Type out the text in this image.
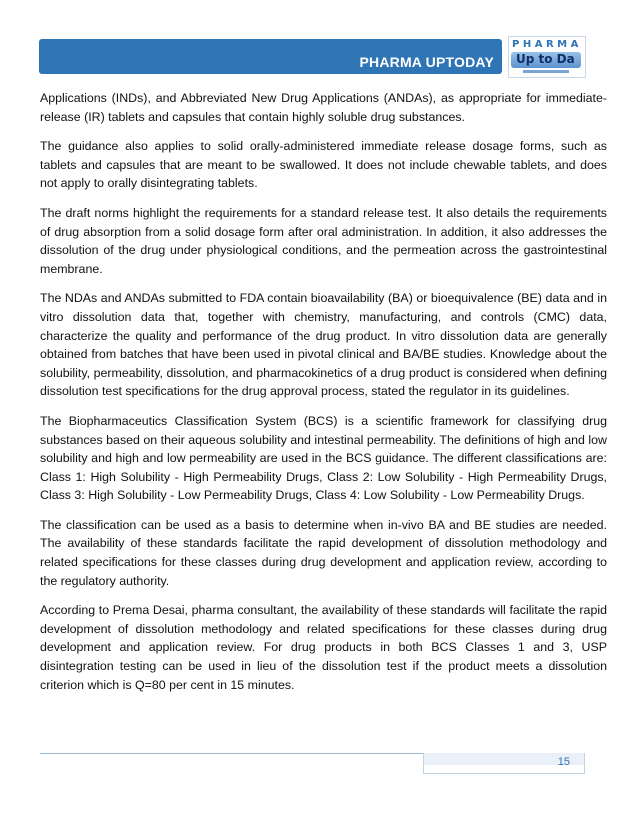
PHARMA UPTODAY
PHARMA
Up to Da

Applications (INDs), and Abbreviated New Drug Applications (ANDAs), as appropriate for immediate-release (IR) tablets and capsules that contain highly soluble drug substances.

The guidance also applies to solid orally-administered immediate release dosage forms, such as tablets and capsules that are meant to be swallowed. It does not include chewable tablets, and does not apply to orally disintegrating tablets.

The draft norms highlight the requirements for a standard release test. It also details the requirements of drug absorption from a solid dosage form after oral administration. In addition, it also addresses the dissolution of the drug under physiological conditions, and the permeation across the gastrointestinal membrane.

The NDAs and ANDAs submitted to FDA contain bioavailability (BA) or bioequivalence (BE) data and in vitro dissolution data that, together with chemistry, manufacturing, and controls (CMC) data, characterize the quality and performance of the drug product. In vitro dissolution data are generally obtained from batches that have been used in pivotal clinical and BA/BE studies. Knowledge about the solubility, permeability, dissolution, and pharmacokinetics of a drug product is considered when defining dissolution test specifications for the drug approval process, stated the regulator in its guidelines.

The Biopharmaceutics Classification System (BCS) is a scientific framework for classifying drug substances based on their aqueous solubility and intestinal permeability. The definitions of high and low solubility and high and low permeability are used in the BCS guidance. The different classifications are: Class 1: High Solubility - High Permeability Drugs, Class 2: Low Solubility - High Permeability Drugs, Class 3: High Solubility - Low Permeability Drugs, Class 4: Low Solubility - Low Permeability Drugs.

The classification can be used as a basis to determine when in-vivo BA and BE studies are needed. The availability of these standards facilitate the rapid development of dissolution methodology and related specifications for these classes during drug development and application review, according to the regulatory authority.

According to Prema Desai, pharma consultant, the availability of these standards will facilitate the rapid development of dissolution methodology and related specifications for these classes during drug development and application review. For drug products in both BCS Classes 1 and 3, USP disintegration testing can be used in lieu of the dissolution test if the product meets a dissolution criterion which is Q=80 per cent in 15 minutes.

15
